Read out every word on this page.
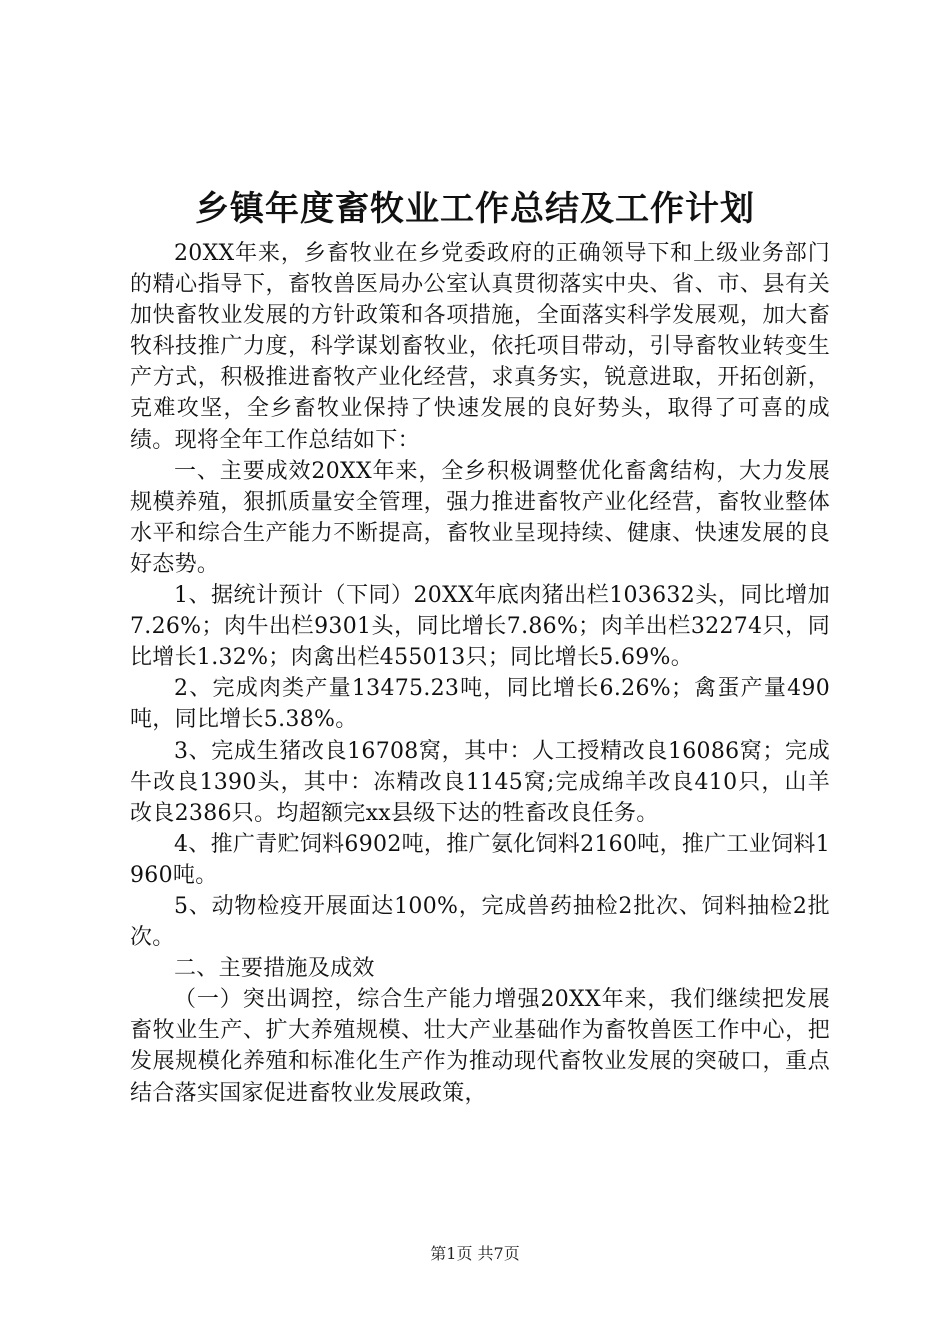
乡镇年度畜牧业工作总结及工作计划

20XX年来，乡畜牧业在乡党委政府的正确领导下和上级业务部门的精心指导下，畜牧兽医局办公室认真贯彻落实中央、省、市、县有关加快畜牧业发展的方针政策和各项措施，全面落实科学发展观，加大畜牧科技推广力度，科学谋划畜牧业，依托项目带动，引导畜牧业转变生产方式，积极推进畜牧产业化经营，求真务实，锐意进取，开拓创新，克难攻坚，全乡畜牧业保持了快速发展的良好势头，取得了可喜的成绩。现将全年工作总结如下：

一、主要成效20XX年来，全乡积极调整优化畜禽结构，大力发展规模养殖，狠抓质量安全管理，强力推进畜牧产业化经营，畜牧业整体水平和综合生产能力不断提高，畜牧业呈现持续、健康、快速发展的良好态势。

1、据统计预计（下同）20XX年底肉猪出栏103632头，同比增加7.26%；肉牛出栏9301头，同比增长7.86%；肉羊出栏32274只，同比增长1.32%；肉禽出栏455013只；同比增长5.69%。

2、完成肉类产量13475.23吨，同比增长6.26%；禽蛋产量490吨，同比增长5.38%。

3、完成生猪改良16708窝，其中：人工授精改良16086窝；完成牛改良1390头，其中：冻精改良1145窝;完成绵羊改良410只，山羊改良2386只。均超额完xx县级下达的牲畜改良任务。

4、推广青贮饲料6902吨，推广氨化饲料2160吨，推广工业饲料1960吨。

5、动物检疫开展面达100%，完成兽药抽检2批次、饲料抽检2批次。

二、主要措施及成效

（一）突出调控，综合生产能力增强20XX年来，我们继续把发展畜牧业生产、扩大养殖规模、壮大产业基础作为畜牧兽医工作中心，把发展规模化养殖和标准化生产作为推动现代畜牧业发展的突破口，重点结合落实国家促进畜牧业发展政策，

第1页 共7页
